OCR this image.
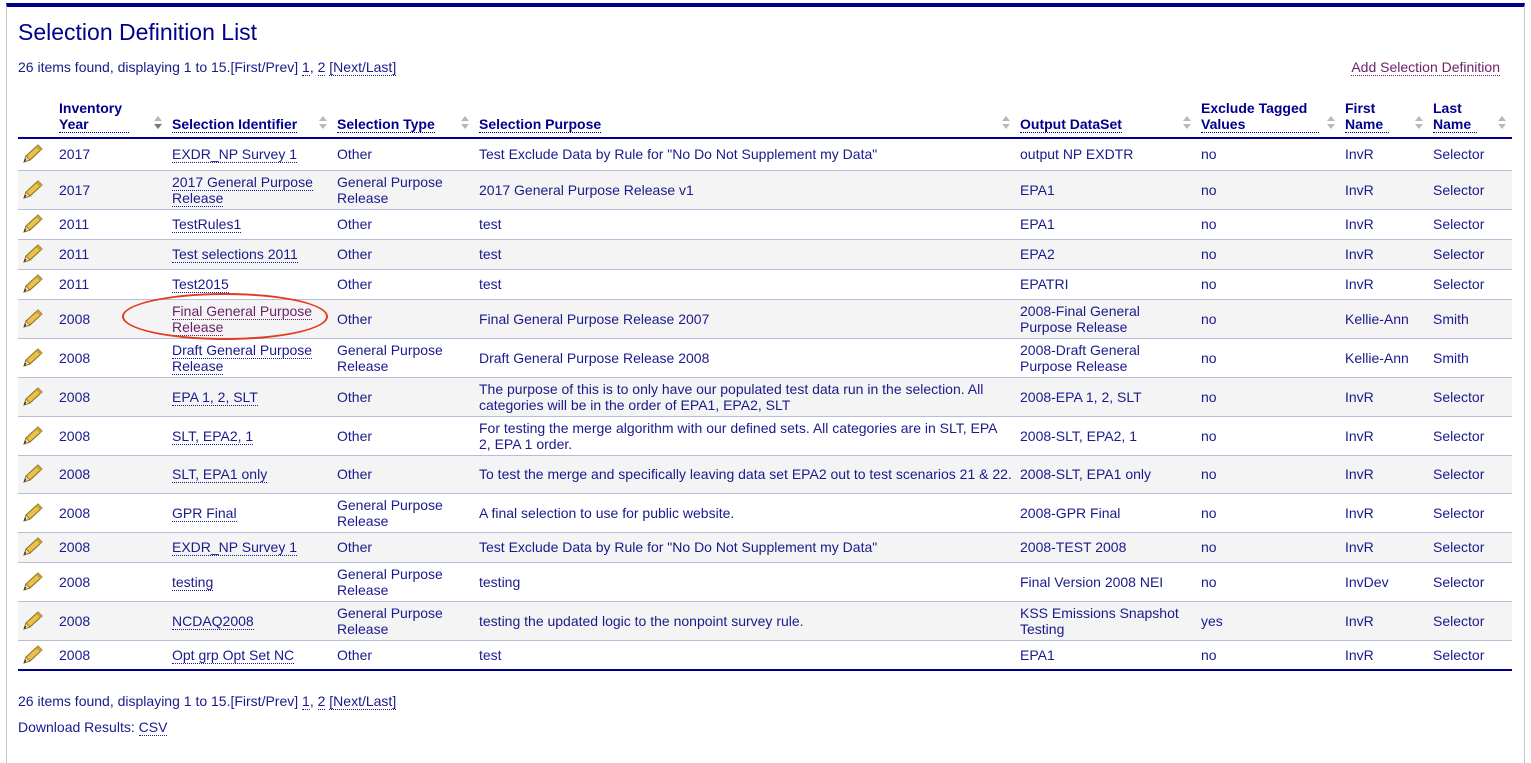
Selection Definition List
26 items found, displaying 1 to 15.[First/Prev] 1, 2 [Next/Last]	Add Selection Definition
	Inventory Year	Selection Identifier	Selection Type	Selection Purpose	Output DataSet	Exclude Tagged Values	First Name	Last Name

	2017	EXDR_NP Survey 1	Other	Test Exclude Data by Rule for "No Do Not Supplement my Data"	output NP EXDTR	no	InvR	Selector
	2017	2017 General Purpose Release	General Purpose Release	2017 General Purpose Release v1	EPA1	no	InvR	Selector
	2011	TestRules1	Other	test	EPA1	no	InvR	Selector
	2011	Test selections 2011	Other	test	EPA2	no	InvR	Selector
	2011	Test2015	Other	test	EPATRI	no	InvR	Selector
	2008	Final General Purpose Release	Other	Final General Purpose Release 2007	2008-Final General Purpose Release	no	Kellie-Ann	Smith
	2008	Draft General Purpose Release	General Purpose Release	Draft General Purpose Release 2008	2008-Draft General Purpose Release	no	Kellie-Ann	Smith
	2008	EPA 1, 2, SLT	Other	The purpose of this is to only have our populated test data run in the selection. All categories will be in the order of EPA1, EPA2, SLT	2008-EPA 1, 2, SLT	no	InvR	Selector
	2008	SLT, EPA2, 1	Other	For testing the merge algorithm with our defined sets. All categories are in SLT, EPA 2, EPA 1 order.	2008-SLT, EPA2, 1	no	InvR	Selector
	2008	SLT, EPA1 only	Other	To test the merge and specifically leaving data set EPA2 out to test scenarios 21 & 22.	2008-SLT, EPA1 only	no	InvR	Selector
	2008	GPR Final	General Purpose Release	A final selection to use for public website.	2008-GPR Final	no	InvR	Selector
	2008	EXDR_NP Survey 1	Other	Test Exclude Data by Rule for "No Do Not Supplement my Data"	2008-TEST 2008	no	InvR	Selector
	2008	testing	General Purpose Release	testing	Final Version 2008 NEI	no	InvDev	Selector
	2008	NCDAQ2008	General Purpose Release	testing the updated logic to the nonpoint survey rule.	KSS Emissions Snapshot Testing	yes	InvR	Selector
	2008	Opt grp Opt Set NC	Other	test	EPA1	no	InvR	Selector
26 items found, displaying 1 to 15.[First/Prev] 1, 2 [Next/Last]
Download Results: CSV
